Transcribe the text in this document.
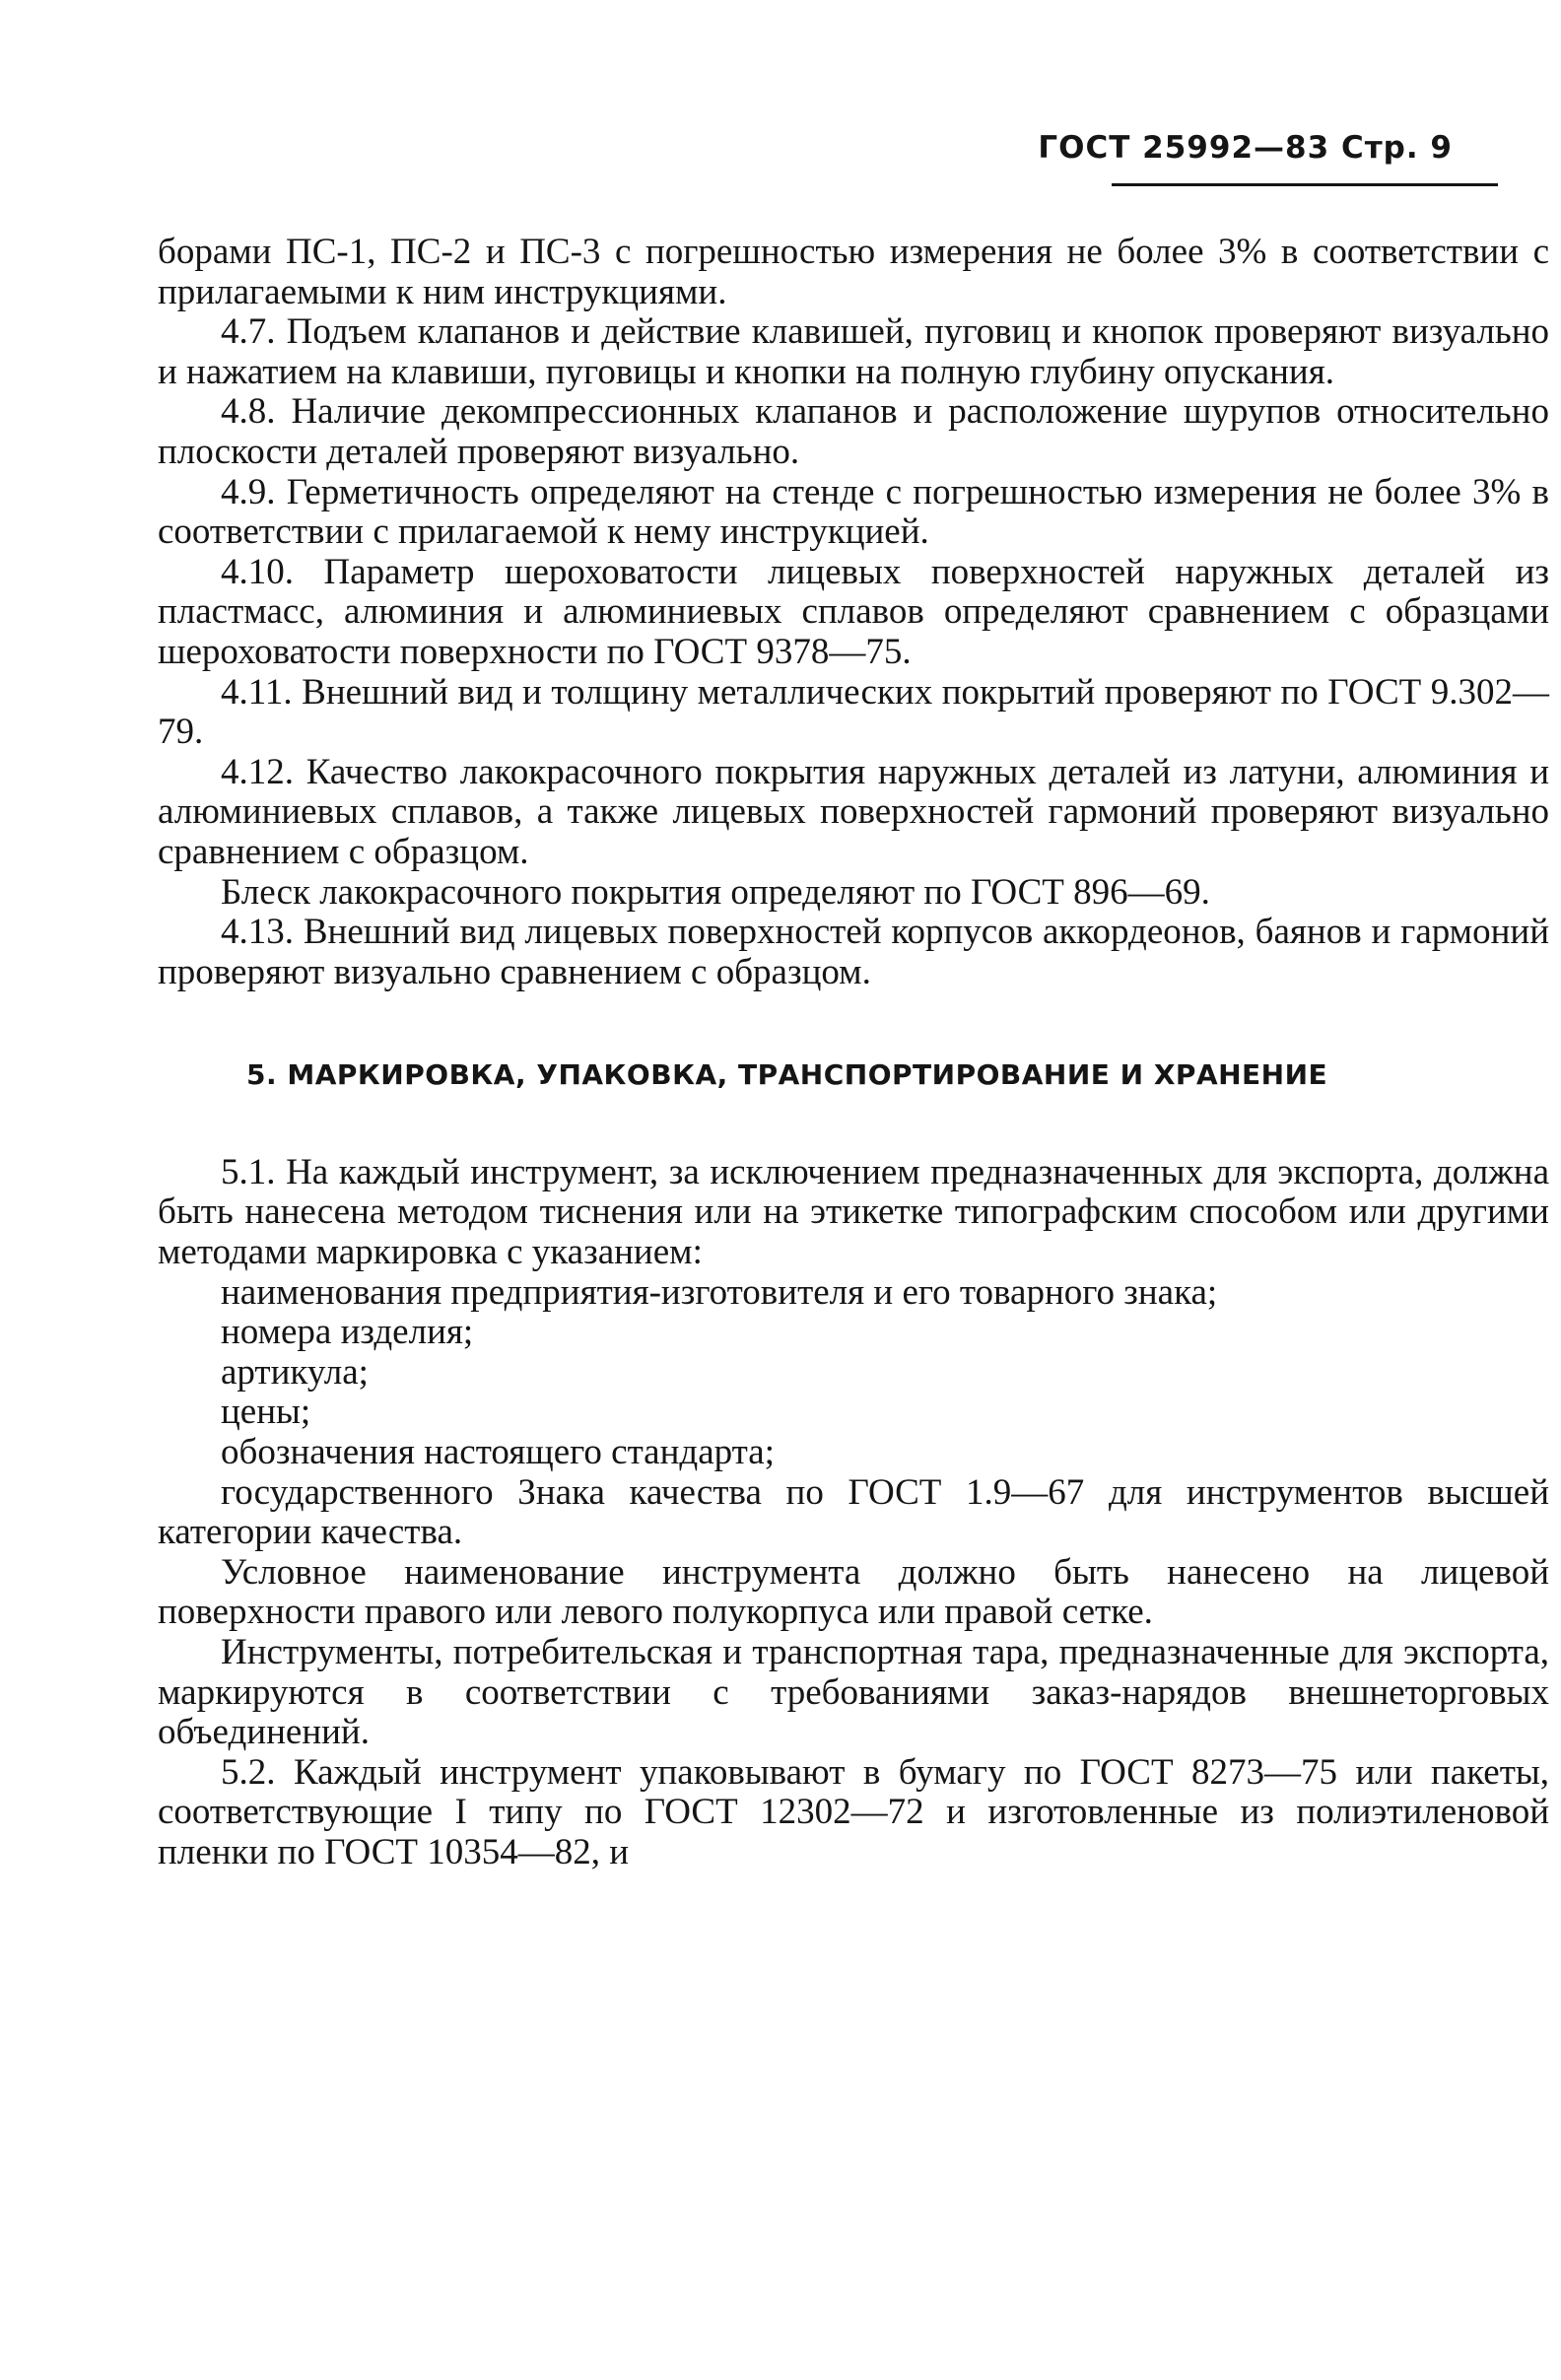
ГОСТ 25992—83 Стр. 9

борами ПС-1, ПС-2 и ПС-3 с погрешностью измерения не более 3% в соответствии с прилагаемыми к ним инструкциями.

4.7. Подъем клапанов и действие клавишей, пуговиц и кнопок проверяют визуально и нажатием на клавиши, пуговицы и кнопки на полную глубину опускания.

4.8. Наличие декомпрессионных клапанов и расположение шурупов относительно плоскости деталей проверяют визуально.

4.9. Герметичность определяют на стенде с погрешностью измерения не более 3% в соответствии с прилагаемой к нему инструкцией.

4.10. Параметр шероховатости лицевых поверхностей наружных деталей из пластмасс, алюминия и алюминиевых сплавов определяют сравнением с образцами шероховатости поверхности по ГОСТ 9378—75.

4.11. Внешний вид и толщину металлических покрытий проверяют по ГОСТ 9.302—79.

4.12. Качество лакокрасочного покрытия наружных деталей из латуни, алюминия и алюминиевых сплавов, а также лицевых поверхностей гармоний проверяют визуально сравнением с образцом.

Блеск лакокрасочного покрытия определяют по ГОСТ 896—69.

4.13. Внешний вид лицевых поверхностей корпусов аккордеонов, баянов и гармоний проверяют визуально сравнением с образцом.

5. МАРКИРОВКА, УПАКОВКА, ТРАНСПОРТИРОВАНИЕ И ХРАНЕНИЕ

5.1. На каждый инструмент, за исключением предназначенных для экспорта, должна быть нанесена методом тиснения или на этикетке типографским способом или другими методами маркировка с указанием:

наименования предприятия-изготовителя и его товарного знака;

номера изделия;

артикула;

цены;

обозначения настоящего стандарта;

государственного Знака качества по ГОСТ 1.9—67 для инструментов высшей категории качества.

Условное наименование инструмента должно быть нанесено на лицевой поверхности правого или левого полукорпуса или правой сетке.

Инструменты, потребительская и транспортная тара, предназначенные для экспорта, маркируются в соответствии с требованиями заказ-нарядов внешнеторговых объединений.

5.2. Каждый инструмент упаковывают в бумагу по ГОСТ 8273—75 или пакеты, соответствующие I типу по ГОСТ 12302—72 и изготовленные из полиэтиленовой пленки по ГОСТ 10354—82, и
